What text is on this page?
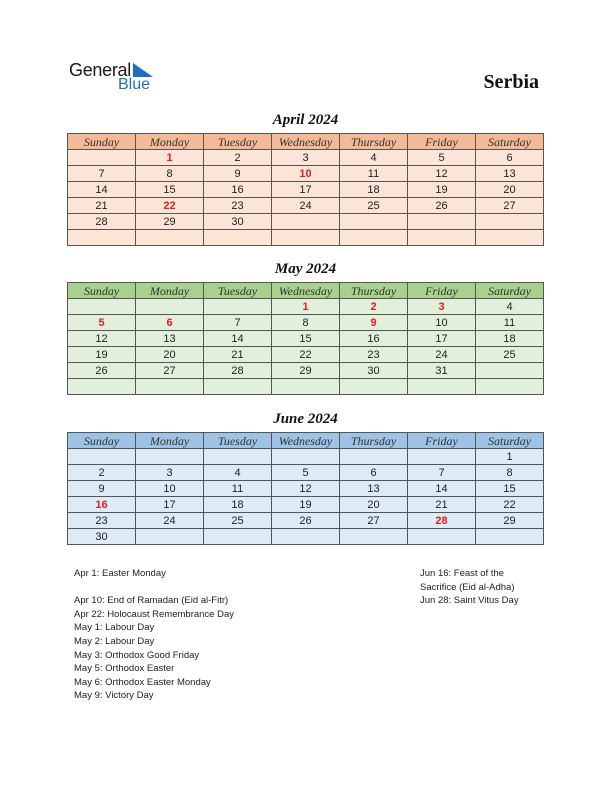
General
Blue	Serbia
April 2024
Sunday	Monday	Tuesday	Wednesday	Thursday	Friday	Saturday
	1	2	3	4	5	6
7	8	9	10	11	12	13
14	15	16	17	18	19	20
21	22	23	24	25	26	27
28	29	30				

May 2024
Sunday	Monday	Tuesday	Wednesday	Thursday	Friday	Saturday
			1	2	3	4
5	6	7	8	9	10	11
12	13	14	15	16	17	18
19	20	21	22	23	24	25
26	27	28	29	30	31	

June 2024
Sunday	Monday	Tuesday	Wednesday	Thursday	Friday	Saturday
						1
2	3	4	5	6	7	8
9	10	11	12	13	14	15
16	17	18	19	20	21	22
23	24	25	26	27	28	29
30						
Apr 1: Easter Monday
Apr 10: End of Ramadan (Eid al-Fitr)
Apr 22: Holocaust Remembrance Day
May 1: Labour Day
May 2: Labour Day
May 3: Orthodox Good Friday
May 5: Orthodox Easter
May 6: Orthodox Easter Monday
May 9: Victory Day
Jun 16: Feast of the
Sacrifice (Eid al-Adha)
Jun 28: Saint Vitus Day
